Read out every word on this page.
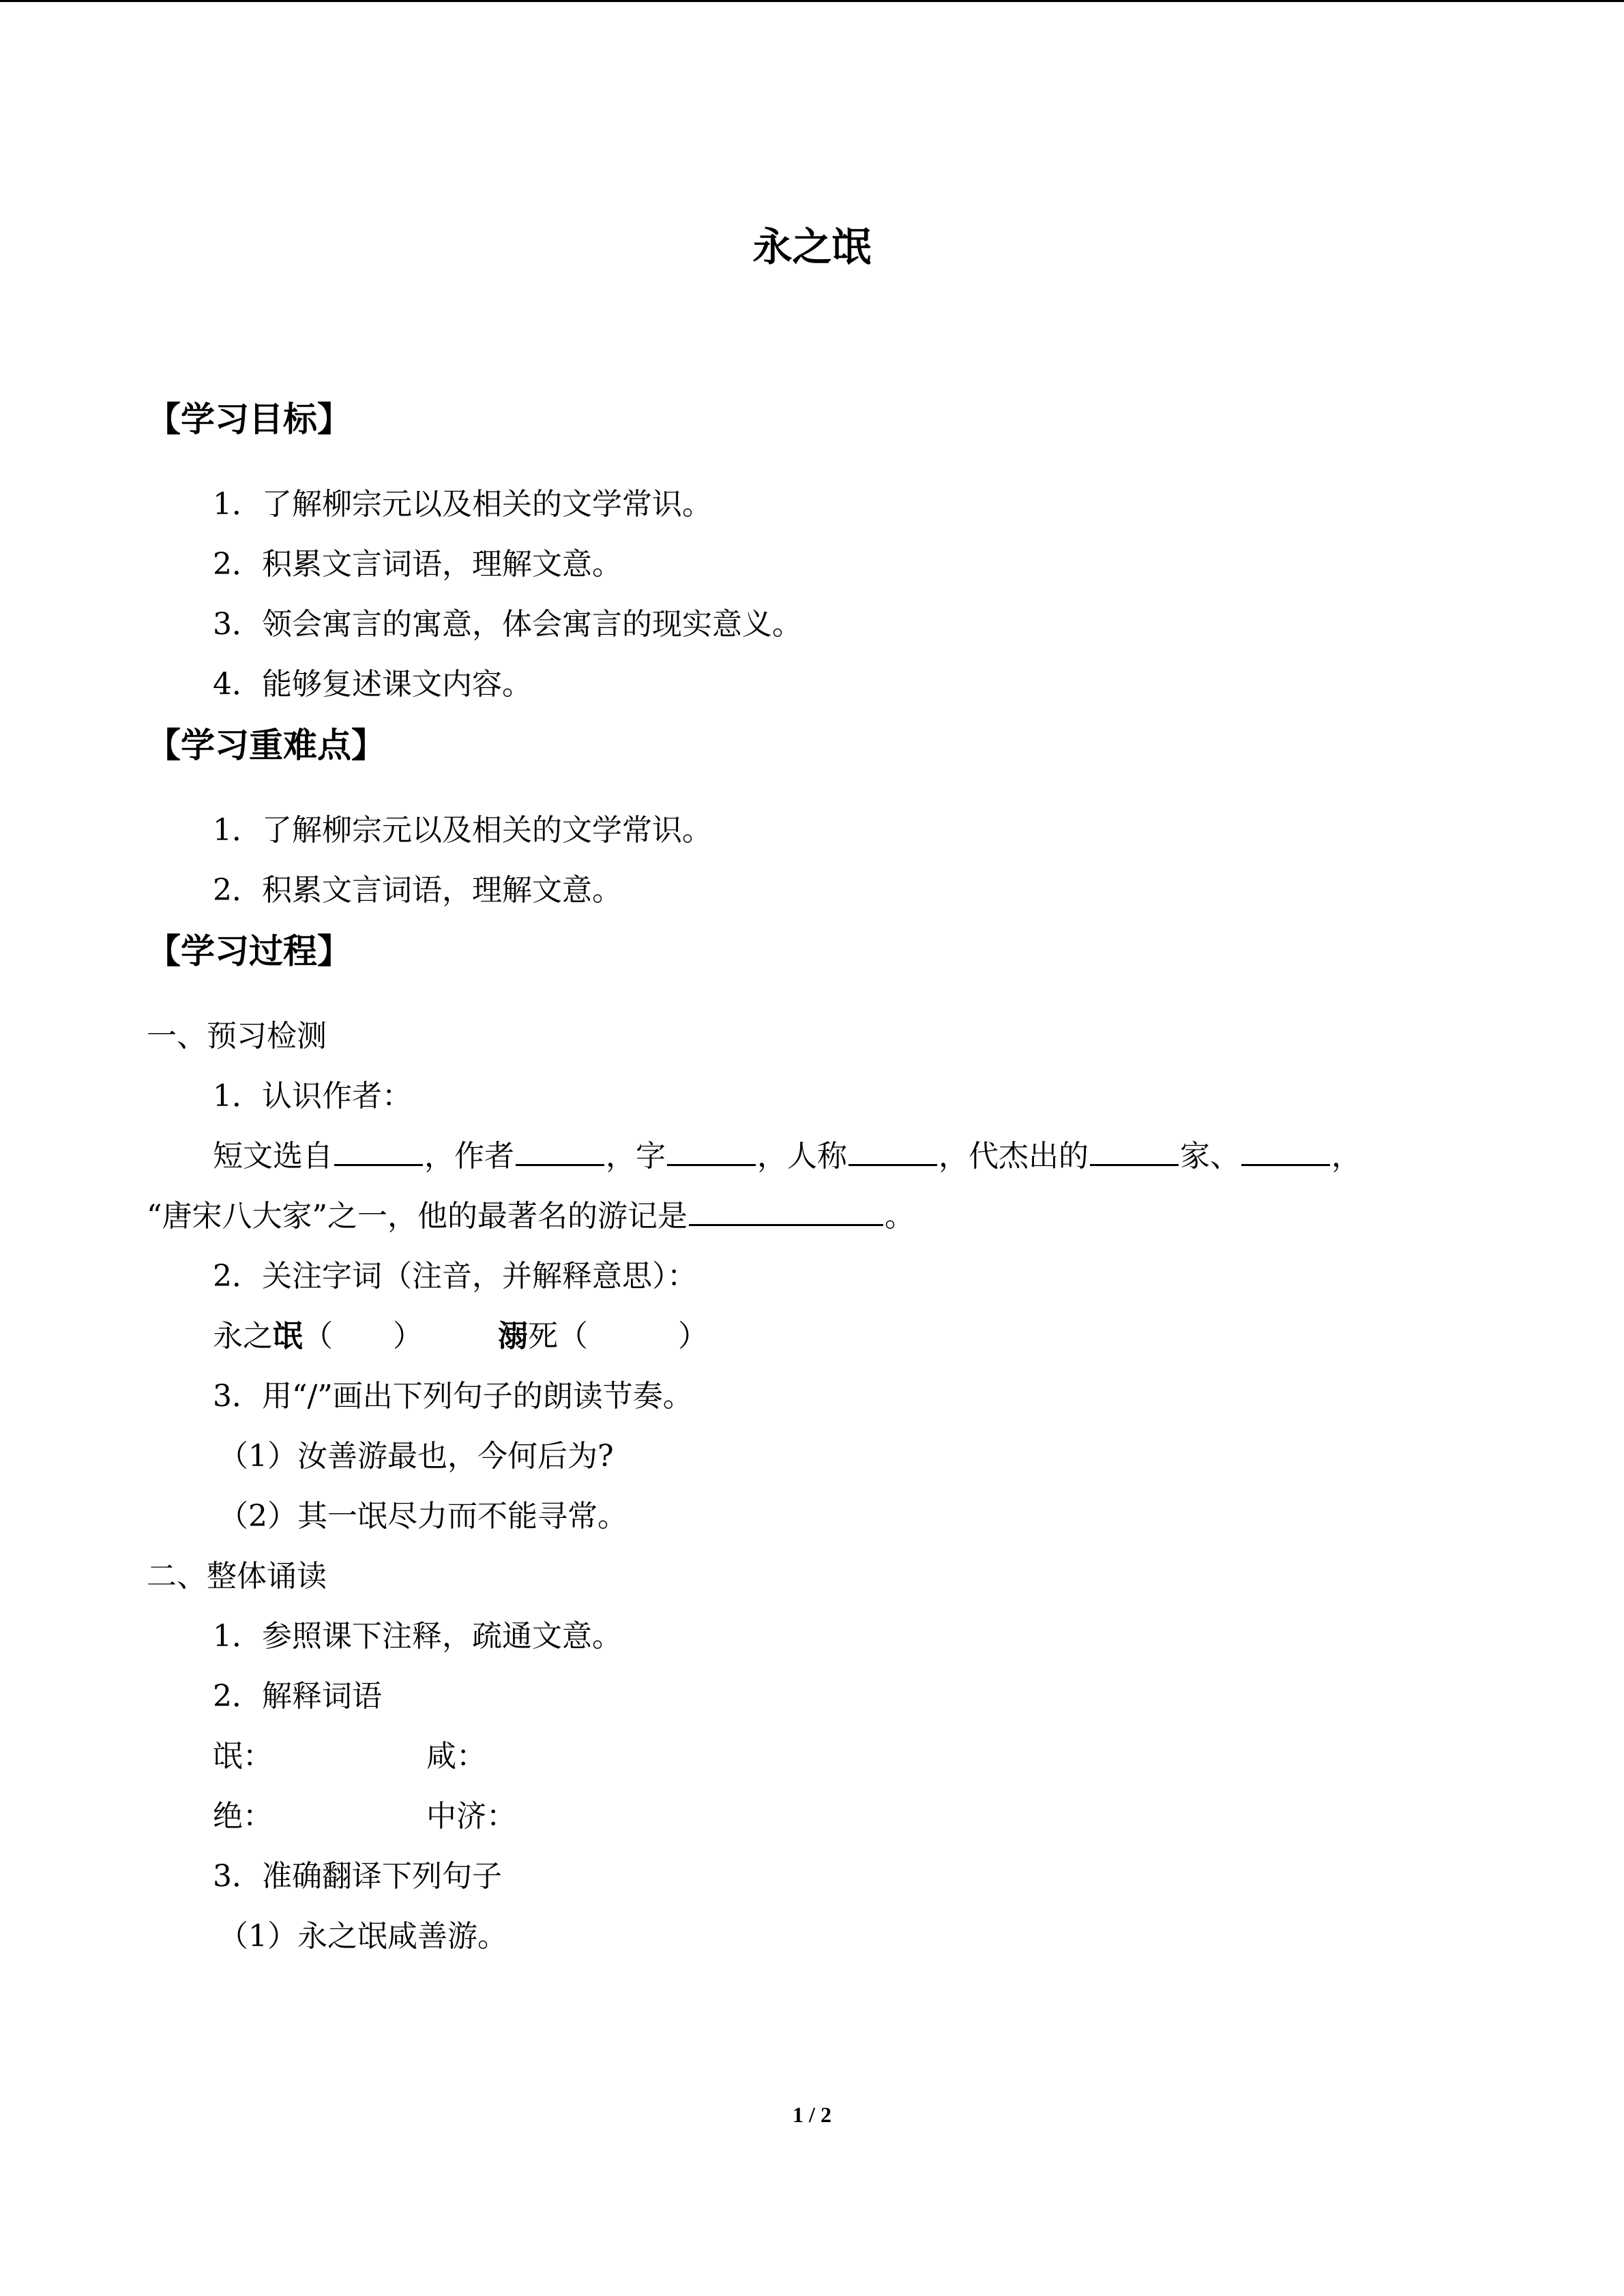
永之氓
【学习目标】
1．了解柳宗元以及相关的文学常识。
2．积累文言词语，理解文意。
3．领会寓言的寓意，体会寓言的现实意义。
4．能够复述课文内容。
【学习重难点】
1．了解柳宗元以及相关的文学常识。
2．积累文言词语，理解文意。
【学习过程】
一、预习检测
1．认识作者：
短文选自	，作者	，字	，人称	，代杰出的	家、	，
“唐宋八大家”之一，他的最著名的游记是	。
2．关注字词（注音，并解释意思）：
永之氓（　　）	溺死（　　　）
3．用“/”画出下列句子的朗读节奏。
（1）汝善游最也，今何后为?
（2）其一氓尽力而不能寻常。
二、整体诵读
1．参照课下注释，疏通文意。
2．解释词语
氓：	咸：
绝：	中济：
3．准确翻译下列句子
（1）永之氓咸善游。
1 / 2
